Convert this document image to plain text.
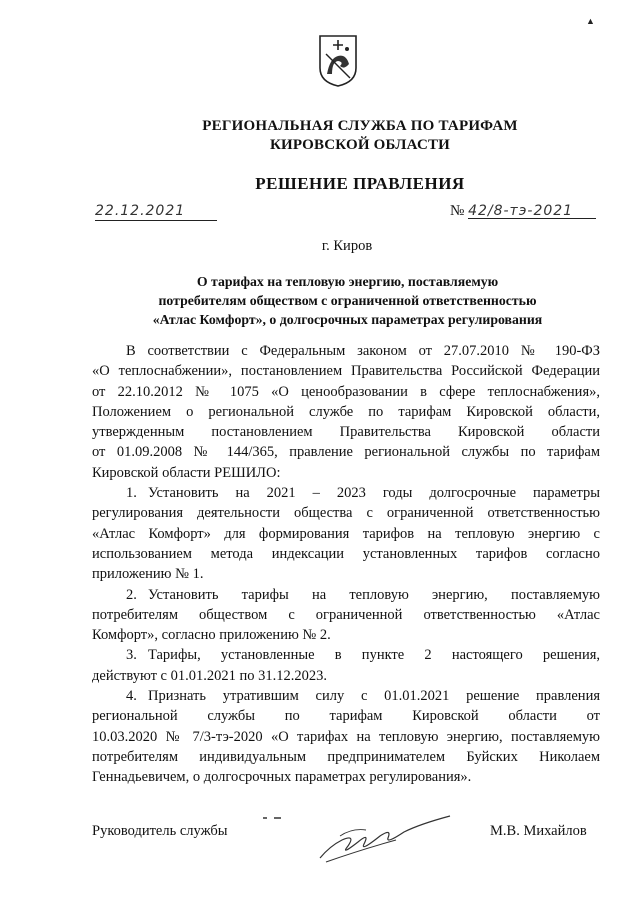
▲
РЕГИОНАЛЬНАЯ СЛУЖБА ПО ТАРИФАМ
КИРОВСКОЙ ОБЛАСТИ
РЕШЕНИЕ ПРАВЛЕНИЯ
22.12.2021	№ 42/8-тэ-2021
г. Киров
О тарифах на тепловую энергию, поставляемую
потребителям обществом с ограниченной ответственностью
«Атлас Комфорт», о долгосрочных параметрах регулирования

В соответствии с Федеральным законом от 27.07.2010 № 190-ФЗ

«О теплоснабжении», постановлением Правительства Российской Федерации

от 22.10.2012 № 1075 «О ценообразовании в сфере теплоснабжения»,

Положением о региональной службе по тарифам Кировской области,

утвержденным постановлением Правительства Кировской области

от 01.09.2008 № 144/365, правление региональной службы по тарифам

Кировской области РЕШИЛО:

1. Установить на 2021 – 2023 годы долгосрочные параметры

регулирования деятельности общества с ограниченной ответственностью

«Атлас Комфорт» для формирования тарифов на тепловую энергию с

использованием метода индексации установленных тарифов согласно

приложению № 1.

2. Установить тарифы на тепловую энергию, поставляемую

потребителям обществом с ограниченной ответственностью «Атлас

Комфорт», согласно приложению № 2.

3. Тарифы, установленные в пункте 2 настоящего решения,

действуют с 01.01.2021 по 31.12.2023.

4. Признать утратившим силу с 01.01.2021 решение правления

региональной службы по тарифам Кировской области от

10.03.2020 № 7/3-тэ-2020 «О тарифах на тепловую энергию, поставляемую

потребителям индивидуальным предпринимателем Буйских Николаем

Геннадьевичем, о долгосрочных параметрах регулирования».

Руководитель службы	М.В. Михайлов
